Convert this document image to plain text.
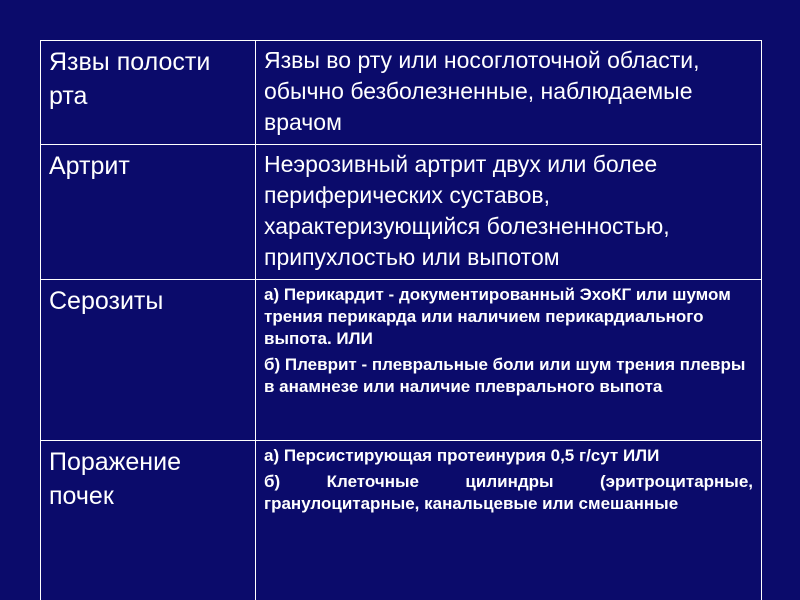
Язвы полости рта	Язвы во рту или носоглоточной области, обычно безболезненные, наблюдаемые врачом
Артрит	Неэрозивный артрит двух или более периферических суставов, характеризующийся болезненностью, припухлостью или выпотом
Серозиты	а) Перикардит - документированный ЭхоКГ или шумом трения перикарда или наличием перикардиального выпота. ИЛИ

б) Плеврит - плевральные боли или шум трения плевры в анамнезе или наличие плеврального выпота

Поражение почек	а) Персистирующая протеинурия 0,5 г/сут ИЛИ

б) Клеточные цилиндры (эритроцитарные, гранулоцитарные, канальцевые или смешанные
